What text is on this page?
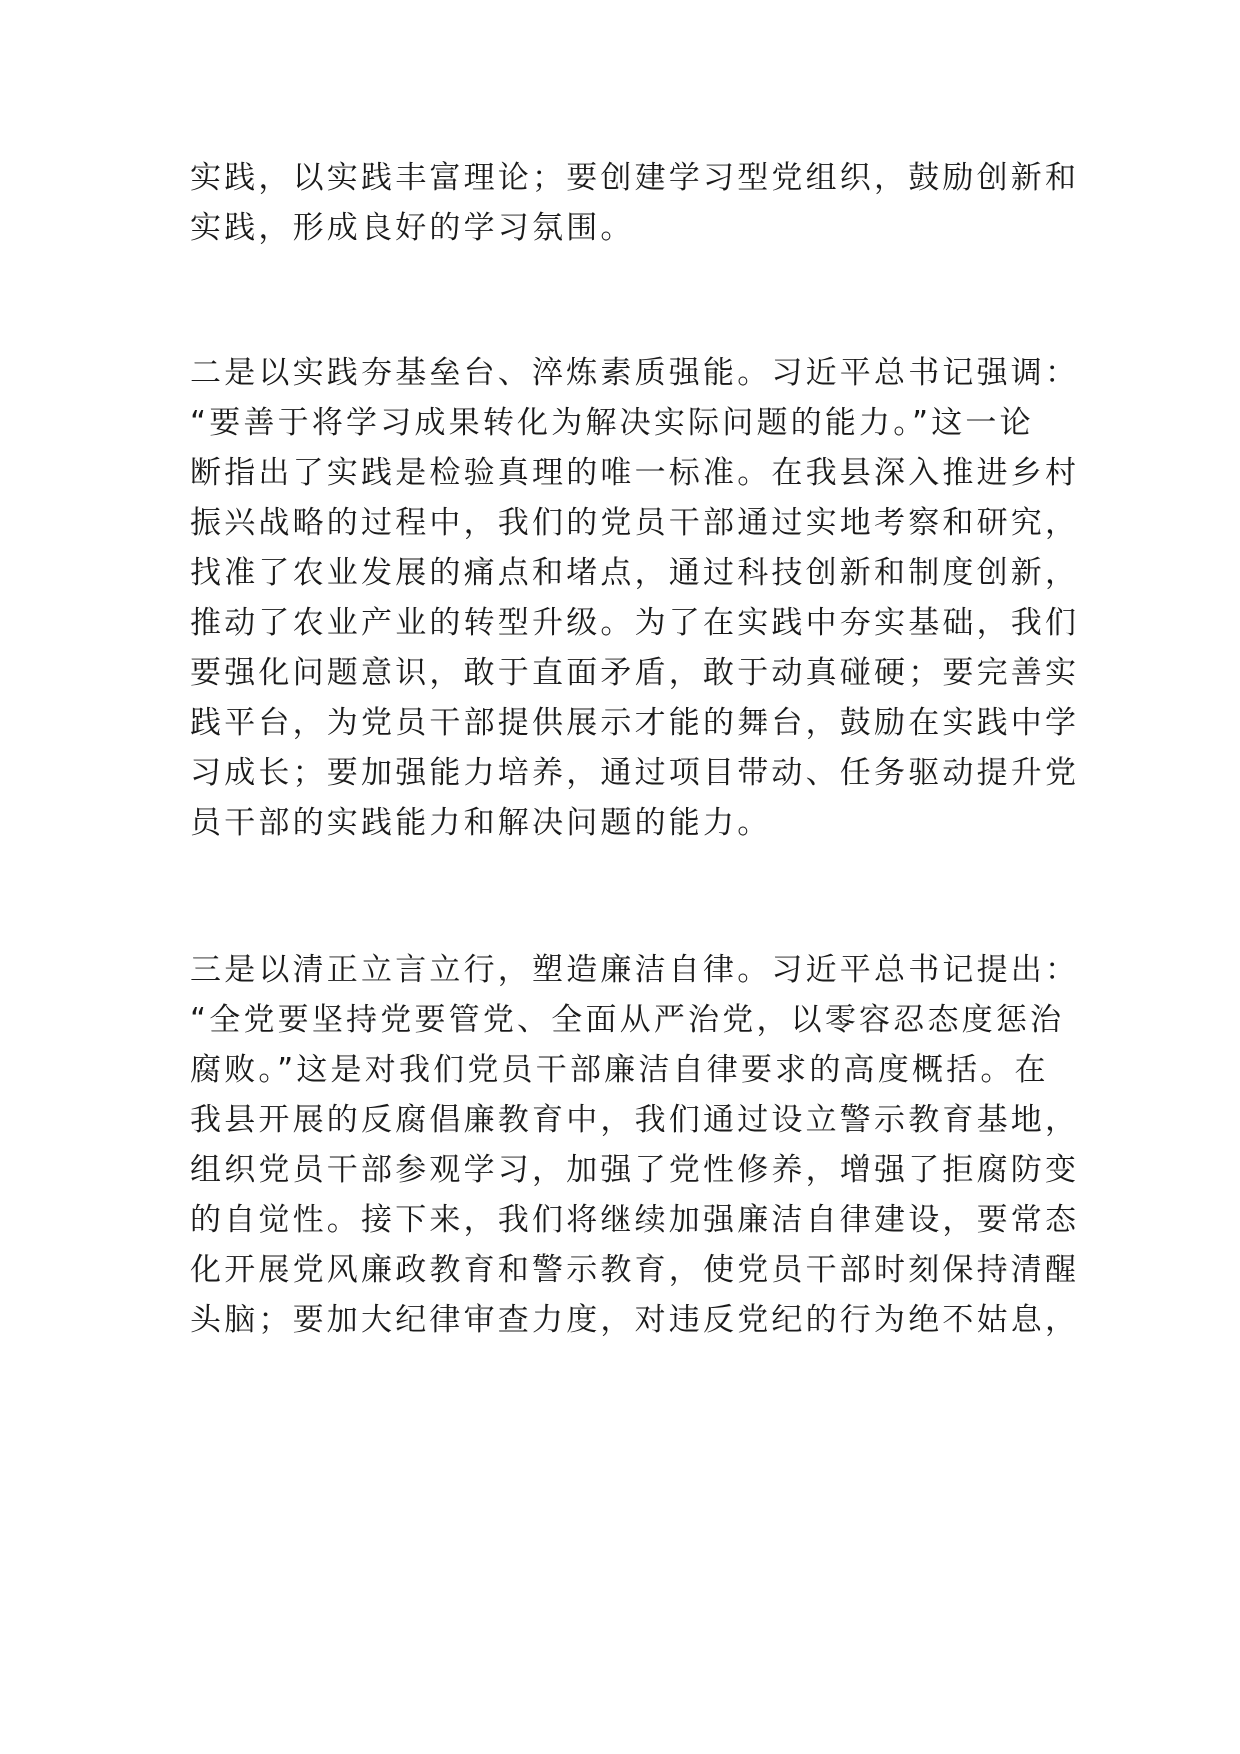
实践，以实践丰富理论；要创建学习型党组织，鼓励创新和
实践，形成良好的学习氛围。
二是以实践夯基垒台、淬炼素质强能。习近平总书记强调：
“要善于将学习成果转化为解决实际问题的能力。”这一论
断指出了实践是检验真理的唯一标准。在我县深入推进乡村
振兴战略的过程中，我们的党员干部通过实地考察和研究，
找准了农业发展的痛点和堵点，通过科技创新和制度创新，
推动了农业产业的转型升级。为了在实践中夯实基础，我们
要强化问题意识，敢于直面矛盾，敢于动真碰硬；要完善实
践平台，为党员干部提供展示才能的舞台，鼓励在实践中学
习成长；要加强能力培养，通过项目带动、任务驱动提升党
员干部的实践能力和解决问题的能力。
三是以清正立言立行，塑造廉洁自律。习近平总书记提出：
“全党要坚持党要管党、全面从严治党，以零容忍态度惩治
腐败。”这是对我们党员干部廉洁自律要求的高度概括。在
我县开展的反腐倡廉教育中，我们通过设立警示教育基地，
组织党员干部参观学习，加强了党性修养，增强了拒腐防变
的自觉性。接下来，我们将继续加强廉洁自律建设，要常态
化开展党风廉政教育和警示教育，使党员干部时刻保持清醒
头脑；要加大纪律审查力度，对违反党纪的行为绝不姑息，
